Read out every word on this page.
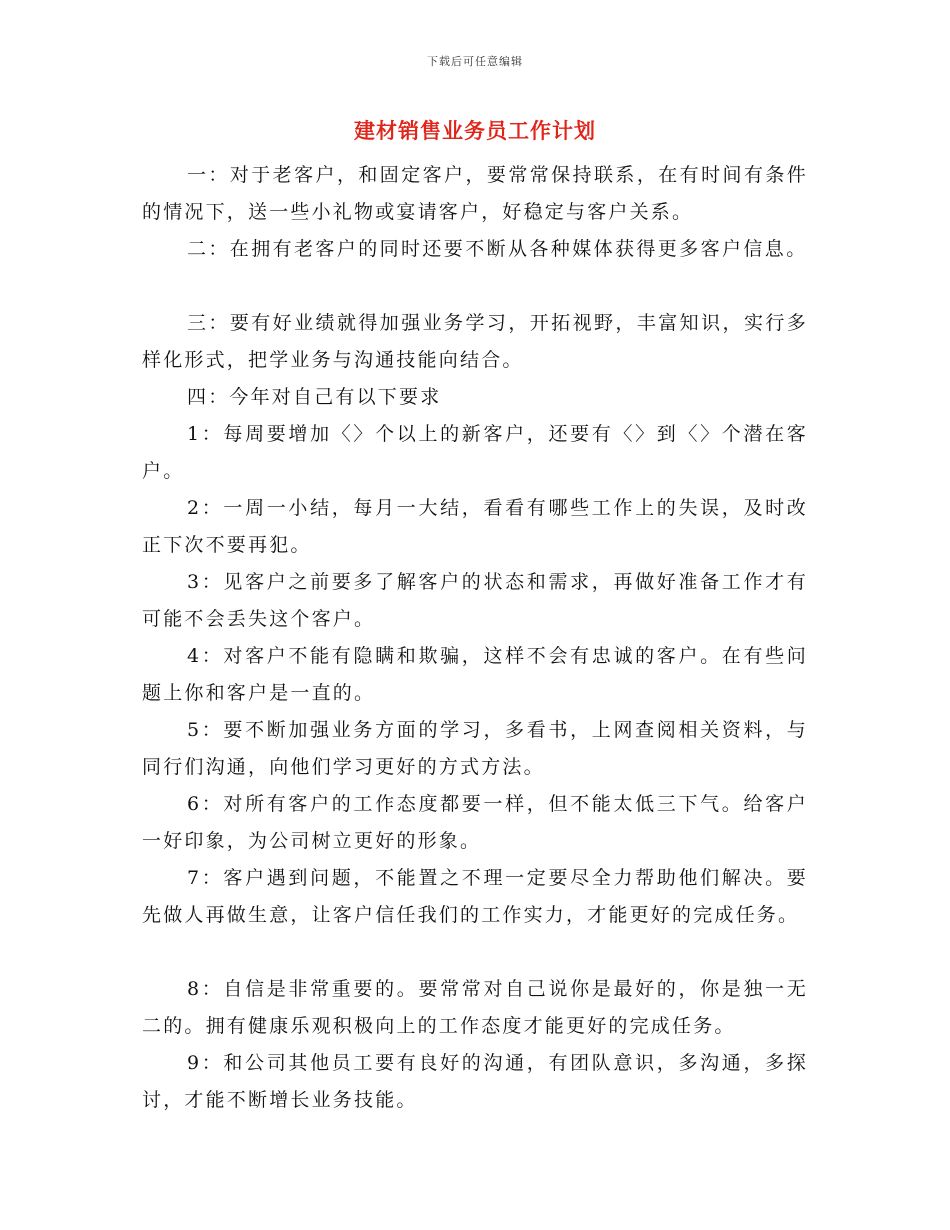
下载后可任意编辑
建材销售业务员工作计划

一：对于老客户，和固定客户，要常常保持联系，在有时间有条件的情况下，送一些小礼物或宴请客户，好稳定与客户关系。

二：在拥有老客户的同时还要不断从各种媒体获得更多客户信息。

三：要有好业绩就得加强业务学习，开拓视野，丰富知识，实行多样化形式，把学业务与沟通技能向结合。

四：今年对自己有以下要求

1：每周要增加〈〉个以上的新客户，还要有〈〉到〈〉个潜在客户。

2：一周一小结，每月一大结，看看有哪些工作上的失误，及时改正下次不要再犯。

3：见客户之前要多了解客户的状态和需求，再做好准备工作才有可能不会丢失这个客户。

4：对客户不能有隐瞒和欺骗，这样不会有忠诚的客户。在有些问题上你和客户是一直的。

5：要不断加强业务方面的学习，多看书，上网查阅相关资料，与同行们沟通，向他们学习更好的方式方法。

6：对所有客户的工作态度都要一样，但不能太低三下气。给客户一好印象，为公司树立更好的形象。

7：客户遇到问题，不能置之不理一定要尽全力帮助他们解决。要先做人再做生意，让客户信任我们的工作实力，才能更好的完成任务。

8：自信是非常重要的。要常常对自己说你是最好的，你是独一无二的。拥有健康乐观积极向上的工作态度才能更好的完成任务。

9：和公司其他员工要有良好的沟通，有团队意识，多沟通，多探讨，才能不断增长业务技能。
